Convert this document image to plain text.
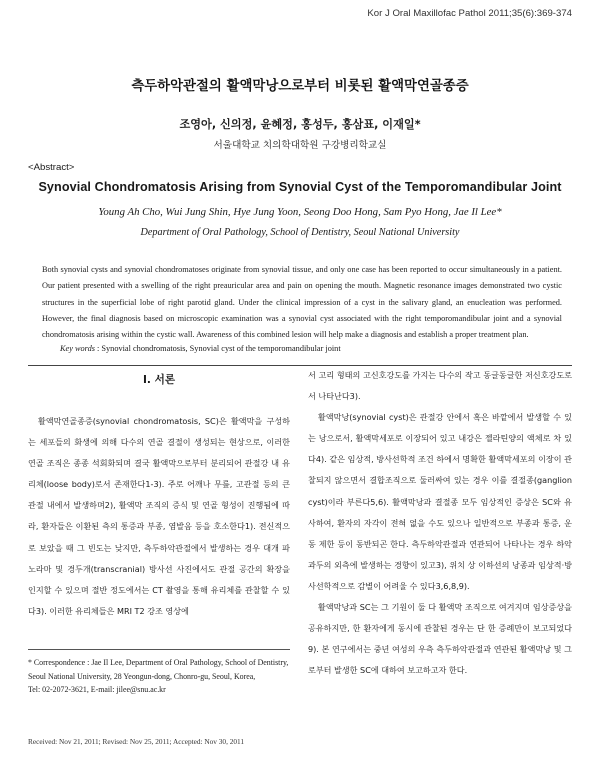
Kor J Oral Maxillofac Pathol 2011;35(6):369-374
측두하악관절의 활액막낭으로부터 비롯된 활액막연골종증
조영아, 신의정, 윤혜정, 홍성두, 홍삼표, 이재일*
서울대학교 치의학대학원 구강병리학교실
<Abstract>
Synovial Chondromatosis Arising from Synovial Cyst of the Temporomandibular Joint
Young Ah Cho, Wui Jung Shin, Hye Jung Yoon, Seong Doo Hong, Sam Pyo Hong, Jae Il Lee*
Department of Oral Pathology, School of Dentistry, Seoul National University
Both synovial cysts and synovial chondromatoses originate from synovial tissue, and only one case has been reported to occur simultaneously in a patient. Our patient presented with a swelling of the right preauricular area and pain on opening the mouth. Magnetic resonance images demonstrated two cystic structures in the superficial lobe of right parotid gland. Under the clinical impression of a cyst in the salivary gland, an enucleation was performed. However, the final diagnosis based on microscopic examination was a synovial cyst associated with the right temporomandibular joint and a synovial chondromatosis arising within the cystic wall. Awareness of this combined lesion will help make a diagnosis and establish a proper treatment plan.
Key words : Synovial chondromatosis, Synovial cyst of the temporomandibular joint
Ⅰ. 서론

활액막연골종증(synovial chondromatosis, SC)은 활액막을 구성하는 세포들의 화생에 의해 다수의 연골 결절이 생성되는 현상으로, 이러한 연골 조직은 종종 석회화되며 결국 활액막으로부터 분리되어 관절강 내 유리체(loose body)로서 존재한다1-3). 주로 어깨나 무릎, 고관절 등의 큰 관절 내에서 발생하며2), 활액막 조직의 증식 및 연골 형성이 진행됨에 따라, 환자들은 이환된 측의 통증과 부종, 염발음 등을 호소한다1). 전신적으로 보았을 때 그 빈도는 낮지만, 측두하악관절에서 발생하는 경우 대개 파노라마 및 경두개(transcranial) 방사선 사진에서도 관절 공간의 확장을 인지할 수 있으며 절반 정도에서는 CT 촬영을 통해 유리체를 관찰할 수 있다3). 이러한 유리체들은 MRI T2 강조 영상에

서 고리 형태의 고신호강도를 가지는 다수의 작고 동글동글한 저신호강도로서 나타난다3).

활액막낭(synovial cyst)은 관절강 안에서 혹은 바깥에서 발생할 수 있는 낭으로서, 활액막세포로 이장되어 있고 내강은 젤라틴양의 액체로 차 있다4). 같은 임상적, 방사선학적 조건 하에서 명확한 활액막세포의 이장이 관찰되지 않으면서 결합조직으로 둘러싸여 있는 경우 이를 결절종(ganglion cyst)이라 부른다5,6). 활액막낭과 결절종 모두 임상적인 증상은 SC와 유사하여, 환자의 자각이 전혀 없을 수도 있으나 일반적으로 부종과 통증, 운동 제한 등이 동반되곤 한다. 측두하악관절과 연관되어 나타나는 경우 하악과두의 외측에 발생하는 경향이 있고3), 위치 상 이하선의 낭종과 임상적·방사선학적으로 감별이 어려울 수 있다3,6,8,9).

활액막낭과 SC는 그 기원이 둘 다 활액막 조직으로 여겨지며 임상증상을 공유하지만, 한 환자에게 동시에 관찰된 경우는 단 한 증례만이 보고되었다9). 본 연구에서는 중년 여성의 우측 측두하악관절과 연관된 활액막낭 및 그로부터 발생한 SC에 대하여 보고하고자 한다.

* Correspondence : Jae Il Lee, Department of Oral Pathology, School of Dentistry, Seoul National University, 28 Yeongun-dong, Chonro-gu, Seoul, Korea,

Tel: 02-2072-3621, E-mail: jilee@snu.ac.kr

Received: Nov 21, 2011; Revised: Nov 25, 2011; Accepted: Nov 30, 2011
